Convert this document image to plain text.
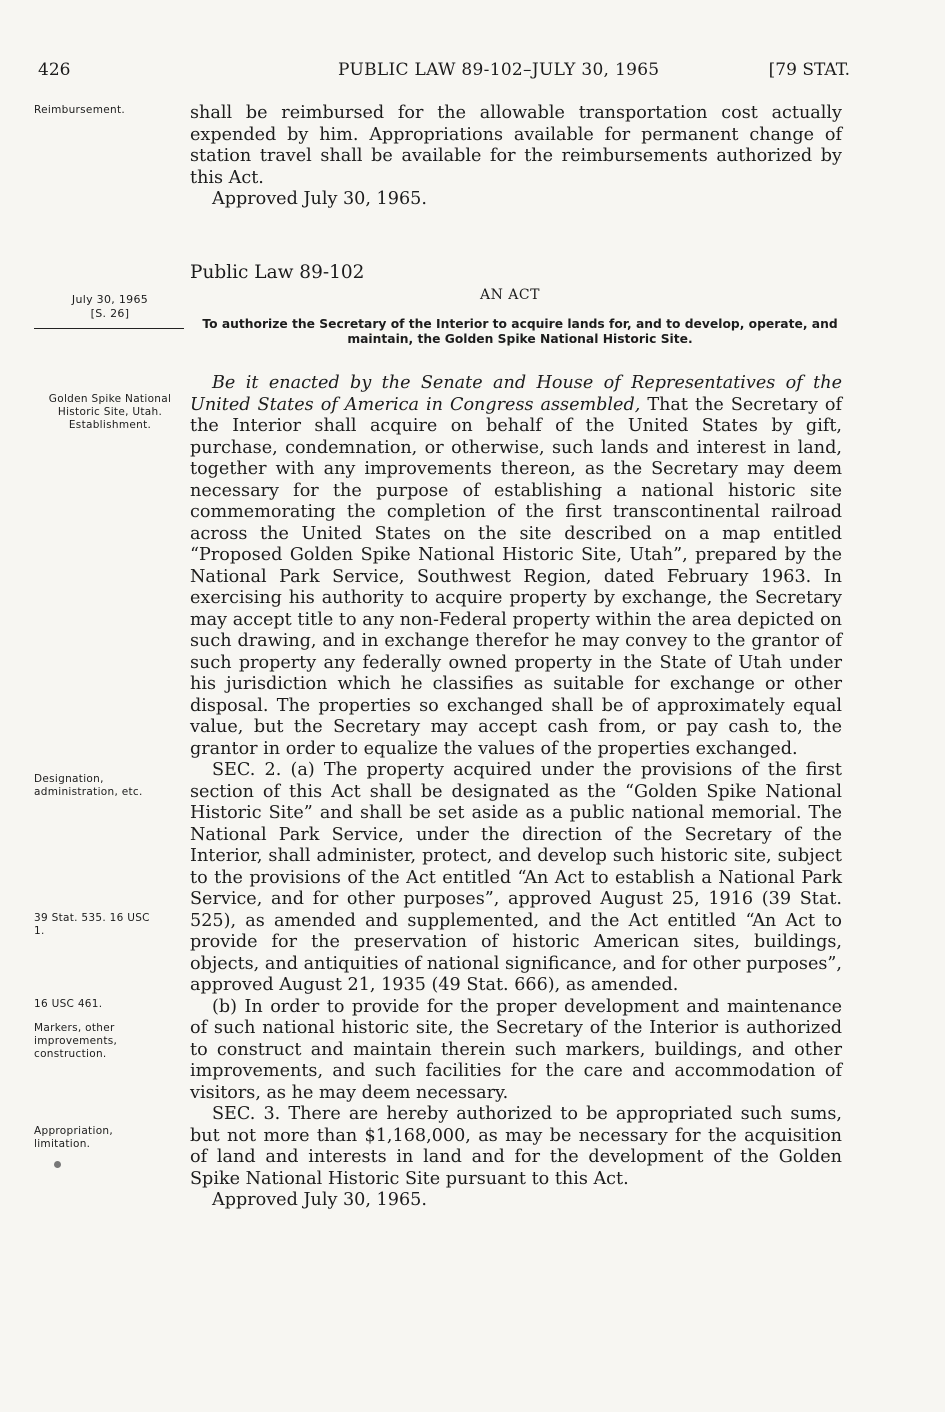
426	PUBLIC LAW 89-102–JULY 30, 1965	[79 STAT.
Reimbursement.	shall be reimbursed for the allowable transportation cost actually expended by him. Appropriations available for permanent change of station travel shall be available for the reimbursements authorized by this Act.

Approved July 30, 1965.

Public Law 89-102
July 30, 1965
[S. 26]
AN ACT
To authorize the Secretary of the Interior to acquire lands for, and to develop, operate, and maintain, the Golden Spike National Historic Site.
Golden Spike National Historic Site, Utah. Establishment.
Designation, administration, etc.
39 Stat. 535. 16 USC 1.
16 USC 461.
Markers, other improvements, construction.
Appropriation, limitation.

Be it enacted by the Senate and House of Representatives of the United States of America in Congress assembled, That the Secretary of the Interior shall acquire on behalf of the United States by gift, purchase, condemnation, or otherwise, such lands and interest in land, together with any improvements thereon, as the Secretary may deem necessary for the purpose of establishing a national historic site commemorating the completion of the first transcontinental railroad across the United States on the site described on a map entitled “Proposed Golden Spike National Historic Site, Utah”, prepared by the National Park Service, Southwest Region, dated February 1963. In exercising his authority to acquire property by exchange, the Secretary may accept title to any non-Federal property within the area depicted on such drawing, and in exchange therefor he may convey to the grantor of such property any federally owned property in the State of Utah under his jurisdiction which he classifies as suitable for exchange or other disposal. The properties so exchanged shall be of approximately equal value, but the Secretary may accept cash from, or pay cash to, the grantor in order to equalize the values of the properties exchanged.

SEC. 2. (a) The property acquired under the provisions of the first section of this Act shall be designated as the “Golden Spike National Historic Site” and shall be set aside as a public national memorial. The National Park Service, under the direction of the Secretary of the Interior, shall administer, protect, and develop such historic site, subject to the provisions of the Act entitled “An Act to establish a National Park Service, and for other purposes”, approved August 25, 1916 (39 Stat. 525), as amended and supplemented, and the Act entitled “An Act to provide for the preservation of historic American sites, buildings, objects, and antiquities of national significance, and for other purposes”, approved August 21, 1935 (49 Stat. 666), as amended.

(b) In order to provide for the proper development and maintenance of such national historic site, the Secretary of the Interior is authorized to construct and maintain therein such markers, buildings, and other improvements, and such facilities for the care and accommodation of visitors, as he may deem necessary.

SEC. 3. There are hereby authorized to be appropriated such sums, but not more than $1,168,000, as may be necessary for the acquisition of land and interests in land and for the development of the Golden Spike National Historic Site pursuant to this Act.

Approved July 30, 1965.
